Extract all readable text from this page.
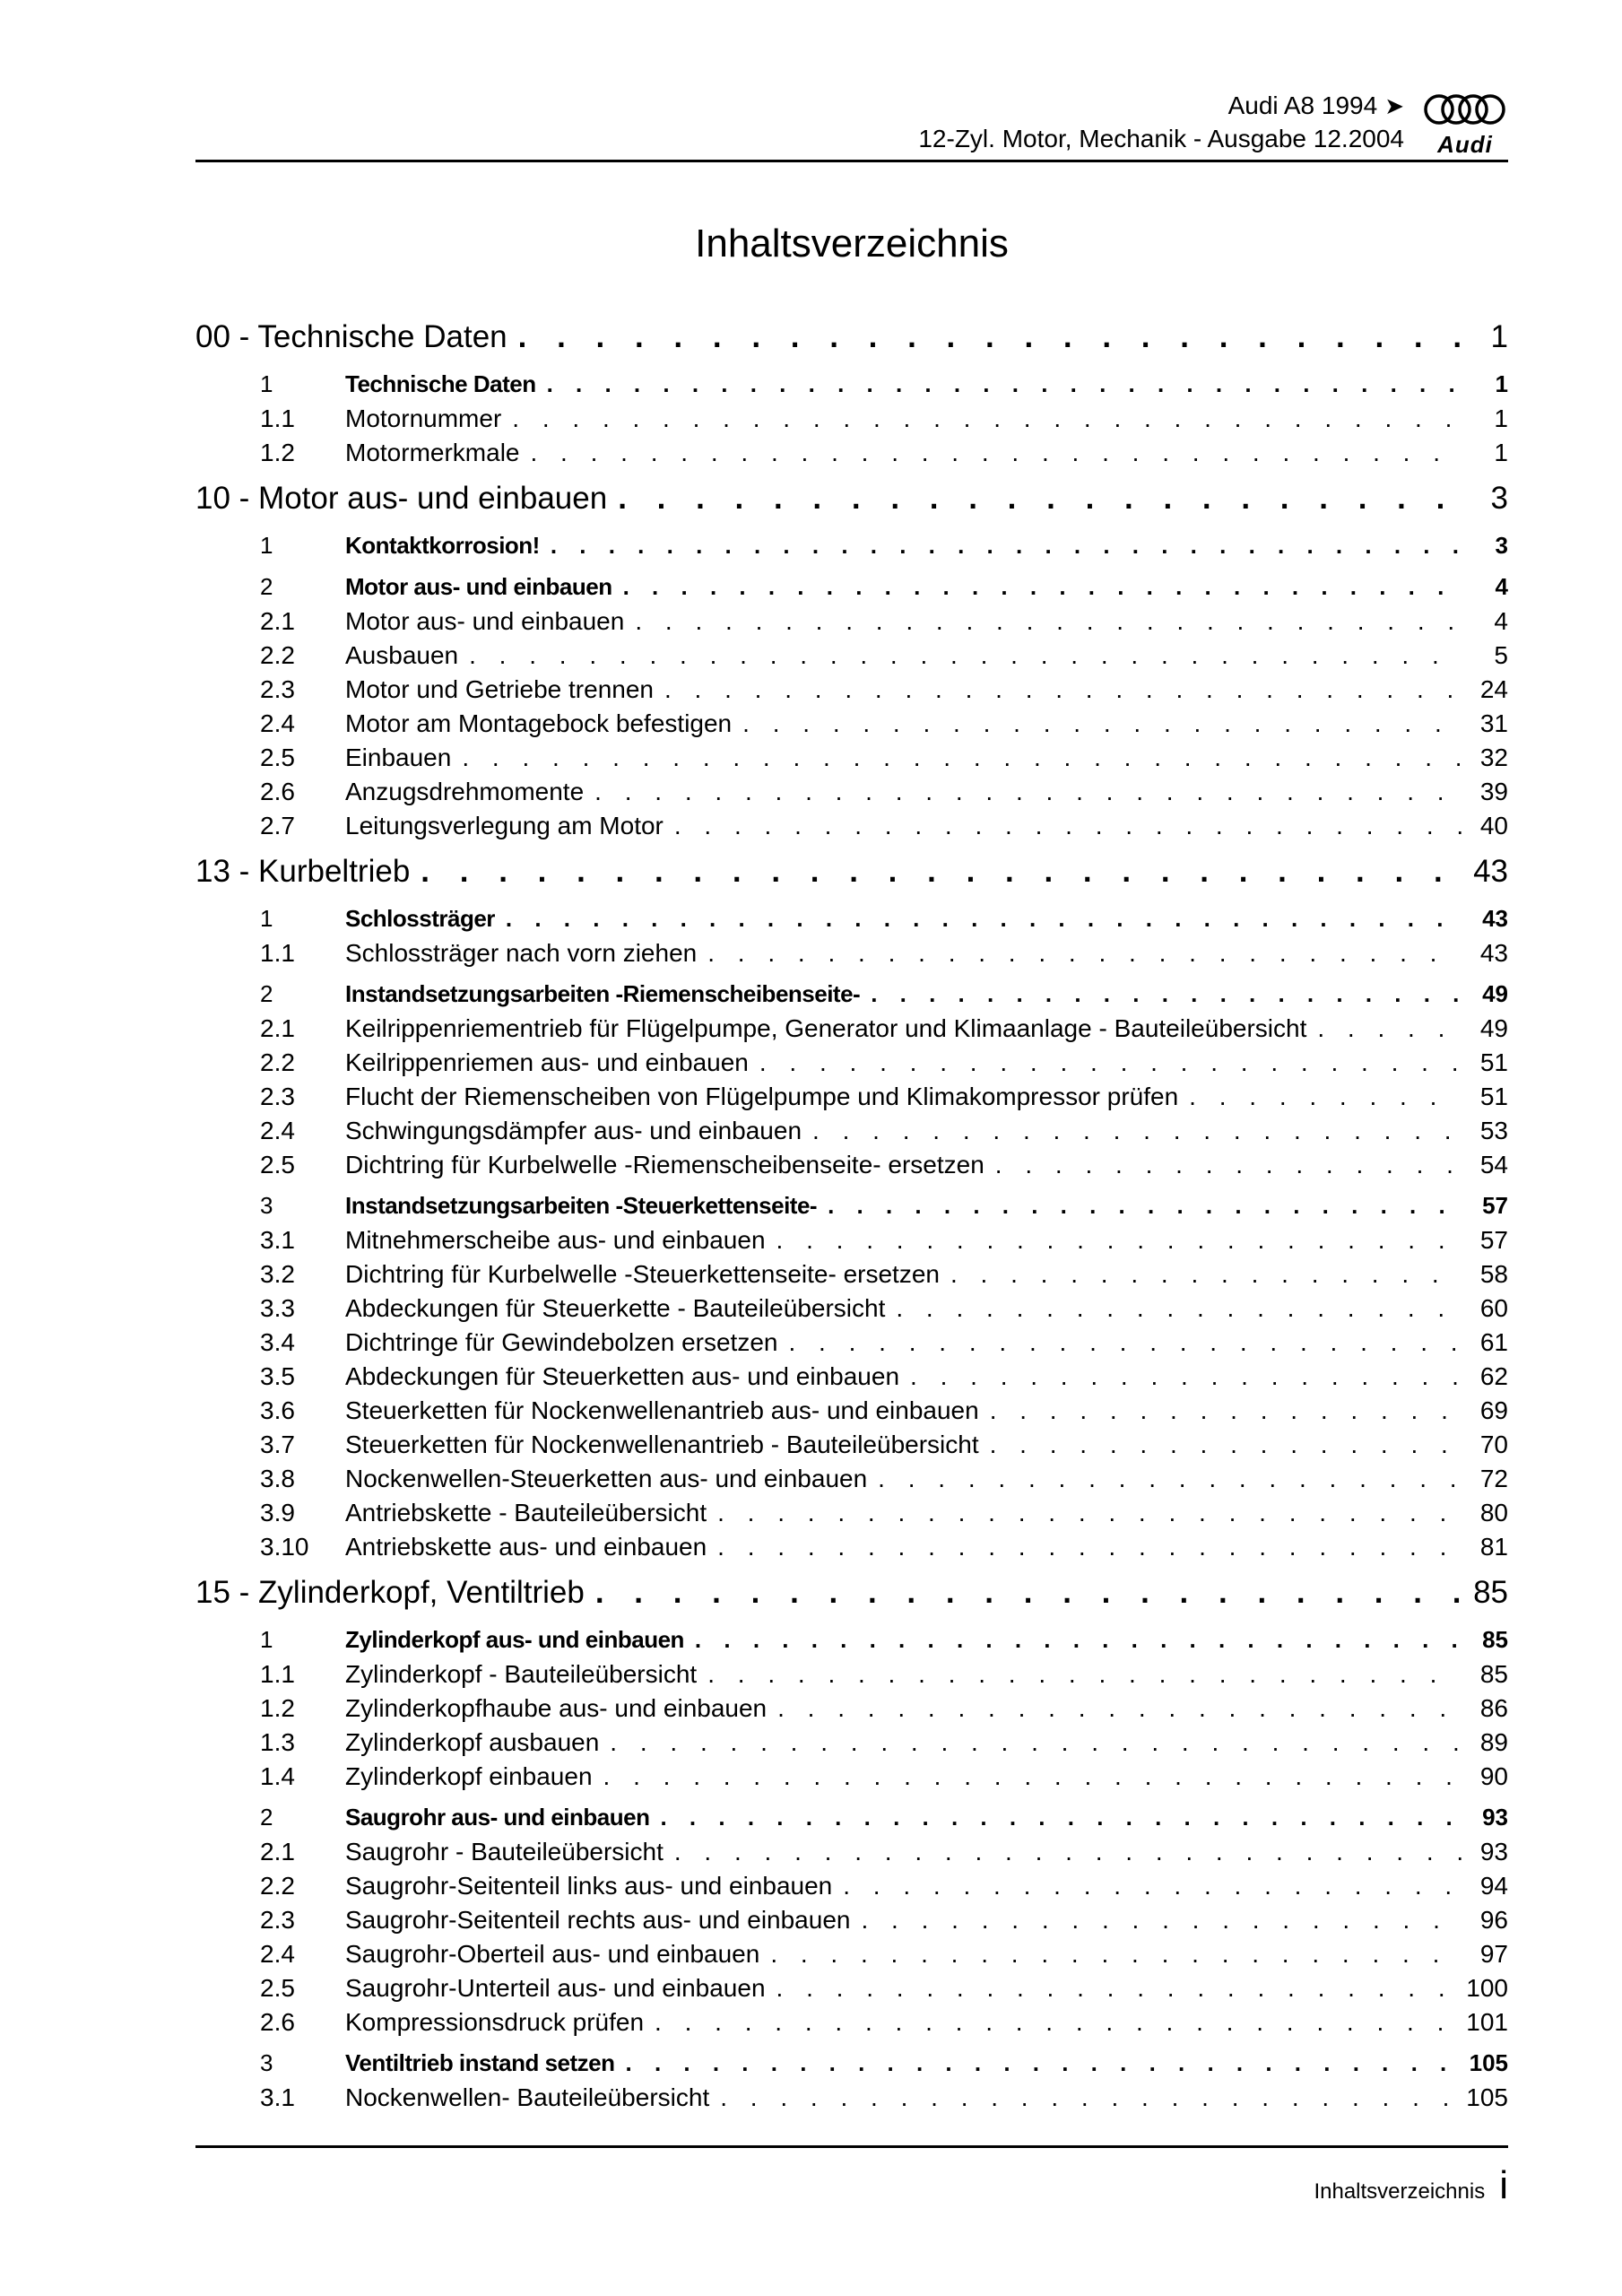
Audi A8 1994 ➤
12-Zyl. Motor, Mechanik - Ausgabe 12.2004	Audi
Inhaltsverzeichnis
00 - Technische Daten . . .	1
1	Technische Daten . . .	1
1.1	Motornummer . . .	1
1.2	Motormerkmale . . .	1
10 - Motor aus- und einbauen . . .	3
1	Kontaktkorrosion! . . .	3
2	Motor aus- und einbauen . . .	4
2.1	Motor aus- und einbauen . . .	4
2.2	Ausbauen . . .	5
2.3	Motor und Getriebe trennen . . .	24
2.4	Motor am Montagebock befestigen . . .	31
2.5	Einbauen . . .	32
2.6	Anzugsdrehmomente . . .	39
2.7	Leitungsverlegung am Motor . . .	40
13 - Kurbeltrieb . . .	43
1	Schlossträger . . .	43
1.1	Schlossträger nach vorn ziehen . . .	43
2	Instandsetzungsarbeiten -Riemenscheibenseite- . . .	49
2.1	Keilrippenriementrieb für Flügelpumpe, Generator und Klimaanlage - Bauteileübersicht . . .	49
2.2	Keilrippenriemen aus- und einbauen . . .	51
2.3	Flucht der Riemenscheiben von Flügelpumpe und Klimakompressor prüfen . . .	51
2.4	Schwingungsdämpfer aus- und einbauen . . .	53
2.5	Dichtring für Kurbelwelle -Riemenscheibenseite- ersetzen . . .	54
3	Instandsetzungsarbeiten -Steuerkettenseite- . . .	57
3.1	Mitnehmerscheibe aus- und einbauen . . .	57
3.2	Dichtring für Kurbelwelle -Steuerkettenseite- ersetzen . . .	58
3.3	Abdeckungen für Steuerkette - Bauteileübersicht . . .	60
3.4	Dichtringe für Gewindebolzen ersetzen . . .	61
3.5	Abdeckungen für Steuerketten aus- und einbauen . . .	62
3.6	Steuerketten für Nockenwellenantrieb aus- und einbauen . . .	69
3.7	Steuerketten für Nockenwellenantrieb - Bauteileübersicht . . .	70
3.8	Nockenwellen-Steuerketten aus- und einbauen . . .	72
3.9	Antriebskette - Bauteileübersicht . . .	80
3.10	Antriebskette aus- und einbauen . . .	81
15 - Zylinderkopf, Ventiltrieb . . .	85
1	Zylinderkopf aus- und einbauen . . .	85
1.1	Zylinderkopf - Bauteileübersicht . . .	85
1.2	Zylinderkopfhaube aus- und einbauen . . .	86
1.3	Zylinderkopf ausbauen . . .	89
1.4	Zylinderkopf einbauen . . .	90
2	Saugrohr aus- und einbauen . . .	93
2.1	Saugrohr - Bauteileübersicht . . .	93
2.2	Saugrohr-Seitenteil links aus- und einbauen . . .	94
2.3	Saugrohr-Seitenteil rechts aus- und einbauen . . .	96
2.4	Saugrohr-Oberteil aus- und einbauen . . .	97
2.5	Saugrohr-Unterteil aus- und einbauen . . .	100
2.6	Kompressionsdruck prüfen . . .	101
3	Ventiltrieb instand setzen . . .	105
3.1	Nockenwellen- Bauteileübersicht . . .	105
Inhaltsverzeichnis i
